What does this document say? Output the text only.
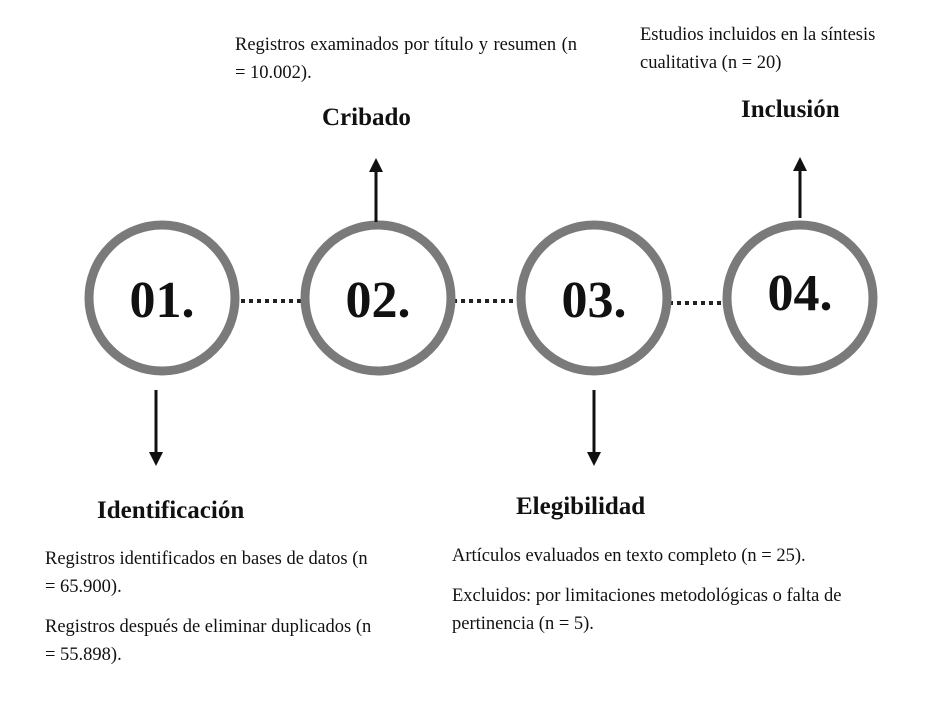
01.	02.	03.	04.

Registros examinados por título y resumen (n = 10.002).

Cribado

Estudios incluidos en la síntesis cualitativa (n = 20)

Inclusión
Identificación

Registros identificados en bases de datos (n = 65.900).

Registros después de eliminar duplicados (n = 55.898).

Elegibilidad

Artículos evaluados en texto completo (n = 25).

Excluidos: por limitaciones metodológicas o falta de pertinencia (n = 5).
